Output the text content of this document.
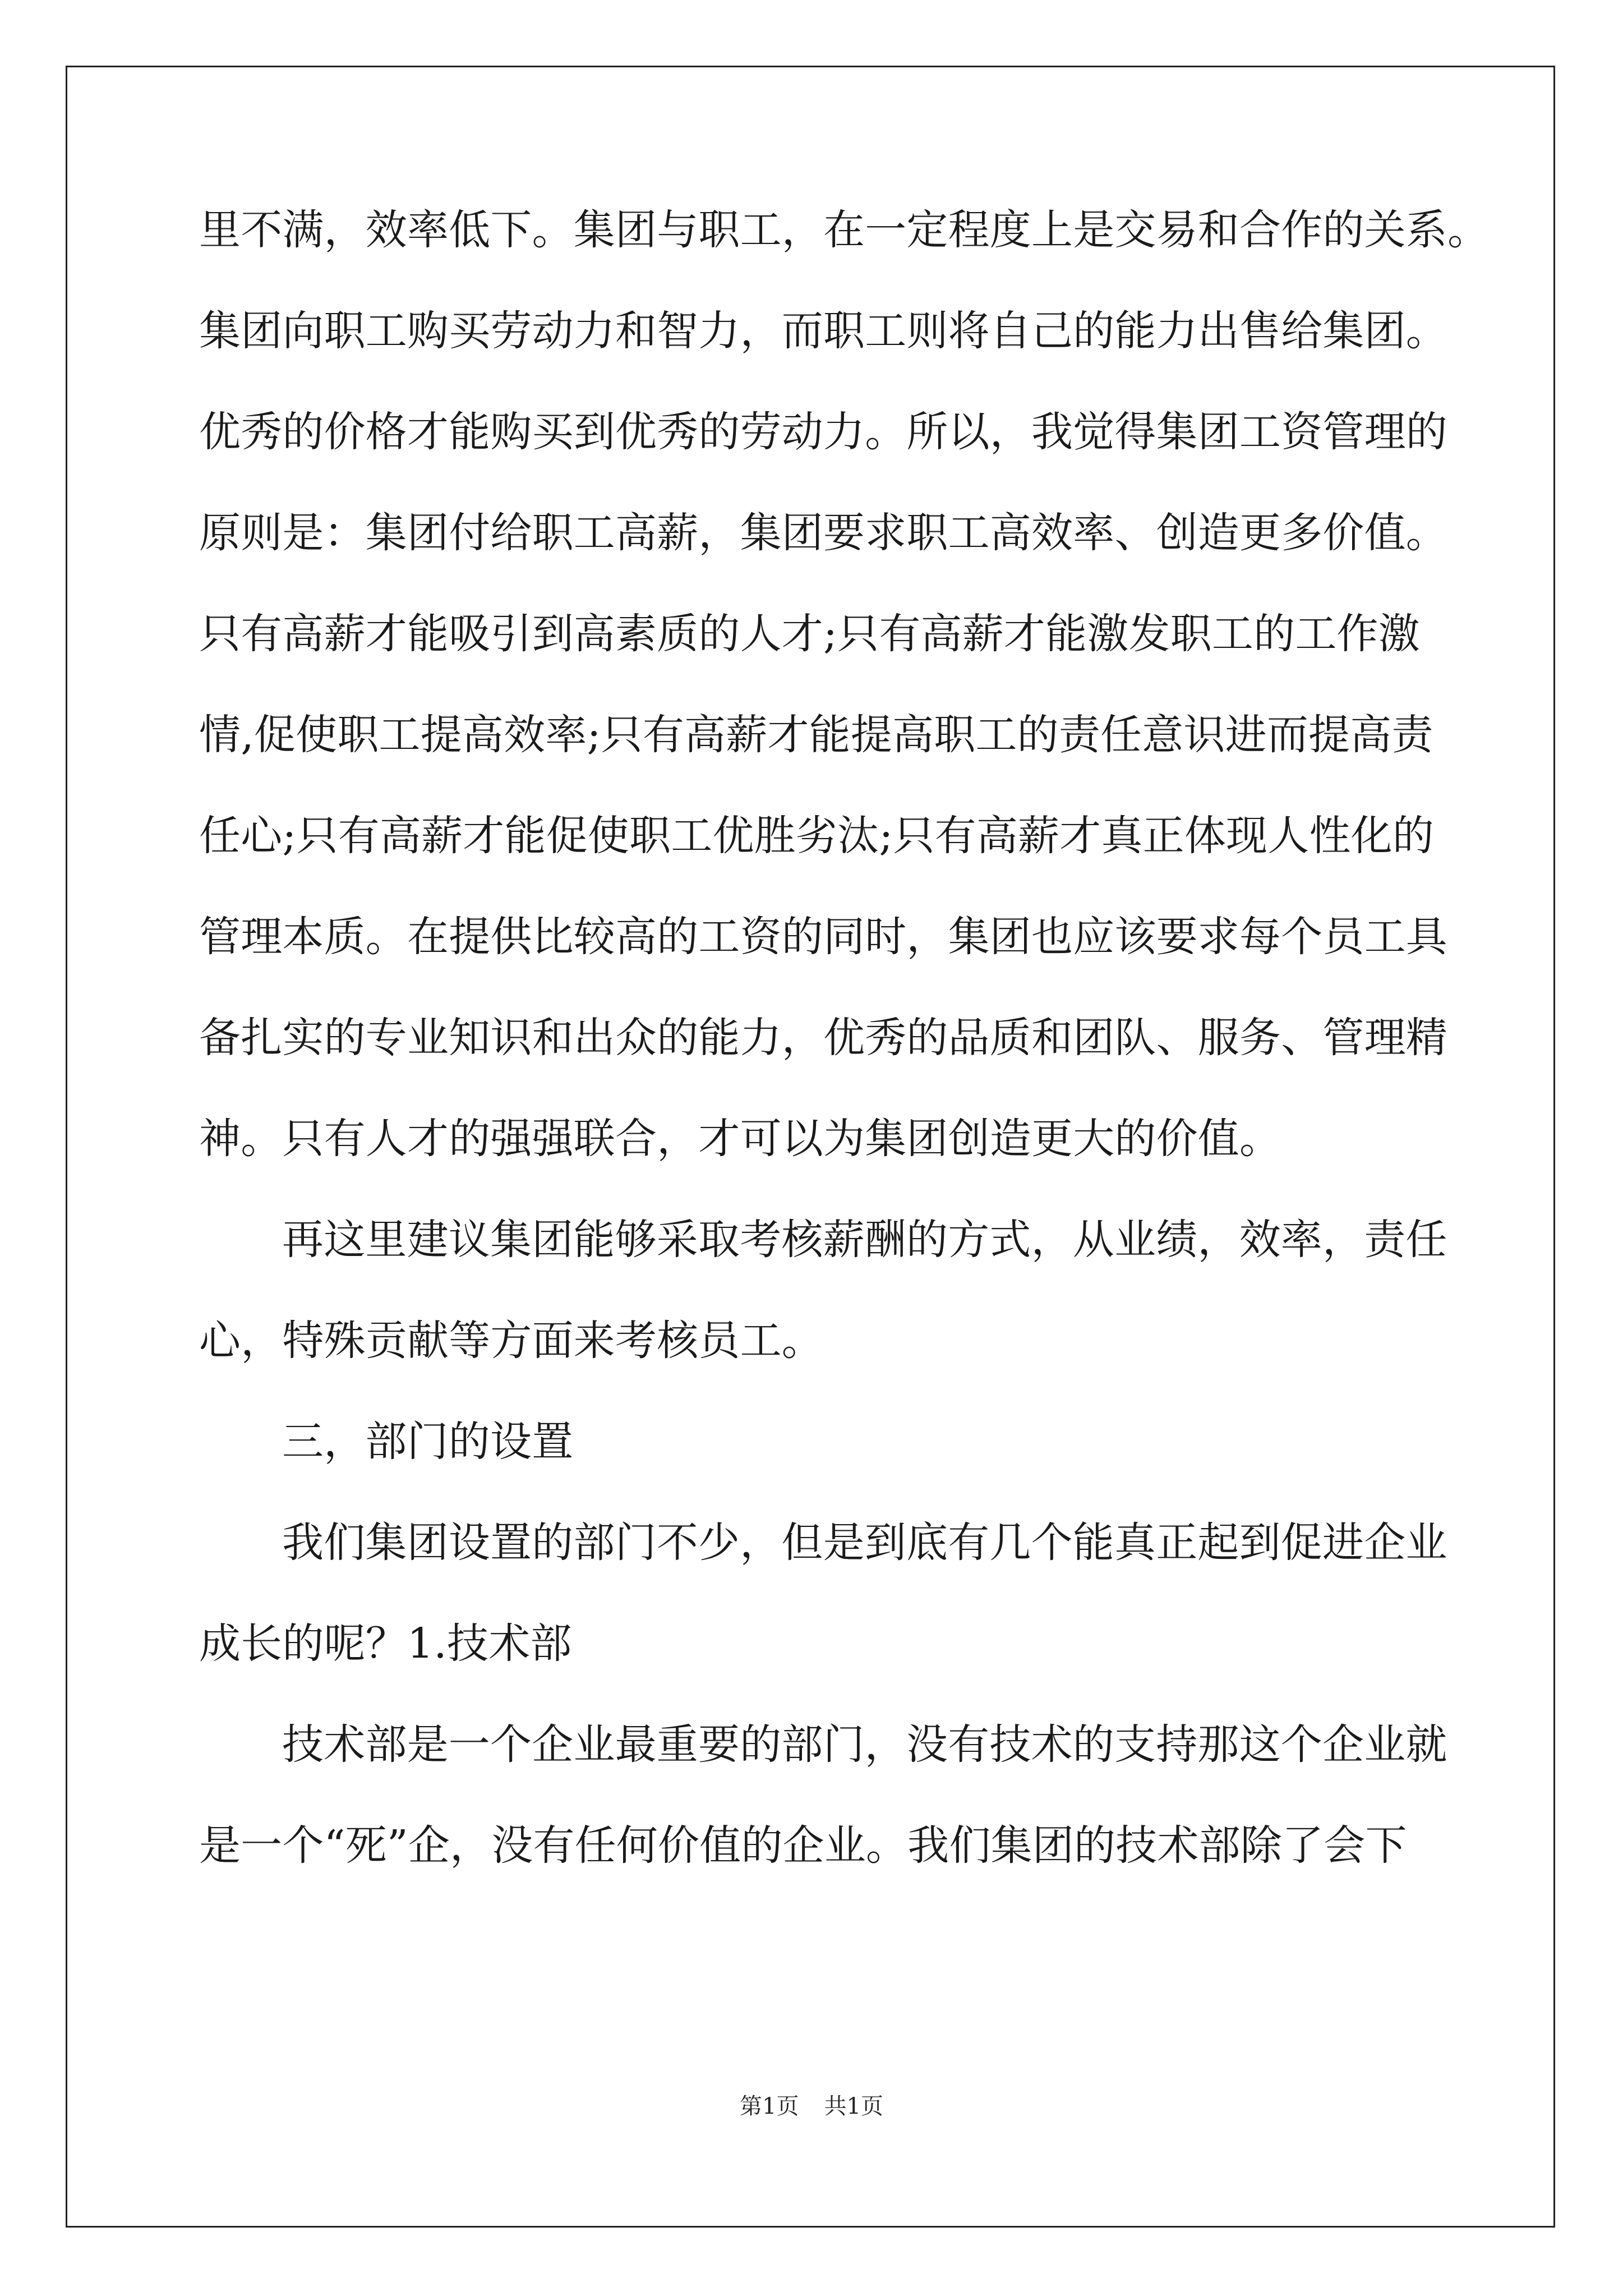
里不满，效率低下。集团与职工，在一定程度上是交易和合作的关系。
集团向职工购买劳动力和智力，而职工则将自己的能力出售给集团。
优秀的价格才能购买到优秀的劳动力。所以，我觉得集团工资管理的
原则是：集团付给职工高薪，集团要求职工高效率、创造更多价值。
只有高薪才能吸引到高素质的人才;只有高薪才能激发职工的工作激
情,促使职工提高效率;只有高薪才能提高职工的责任意识进而提高责
任心;只有高薪才能促使职工优胜劣汰;只有高薪才真正体现人性化的
管理本质。在提供比较高的工资的同时，集团也应该要求每个员工具
备扎实的专业知识和出众的能力，优秀的品质和团队、服务、管理精
神。只有人才的强强联合，才可以为集团创造更大的价值。
再这里建议集团能够采取考核薪酬的方式，从业绩，效率，责任
心，特殊贡献等方面来考核员工。
三，部门的设置
我们集团设置的部门不少，但是到底有几个能真正起到促进企业
成长的呢？1.技术部
技术部是一个企业最重要的部门，没有技术的支持那这个企业就
是一个“死”企，没有任何价值的企业。我们集团的技术部除了会下
第1页 共1页
